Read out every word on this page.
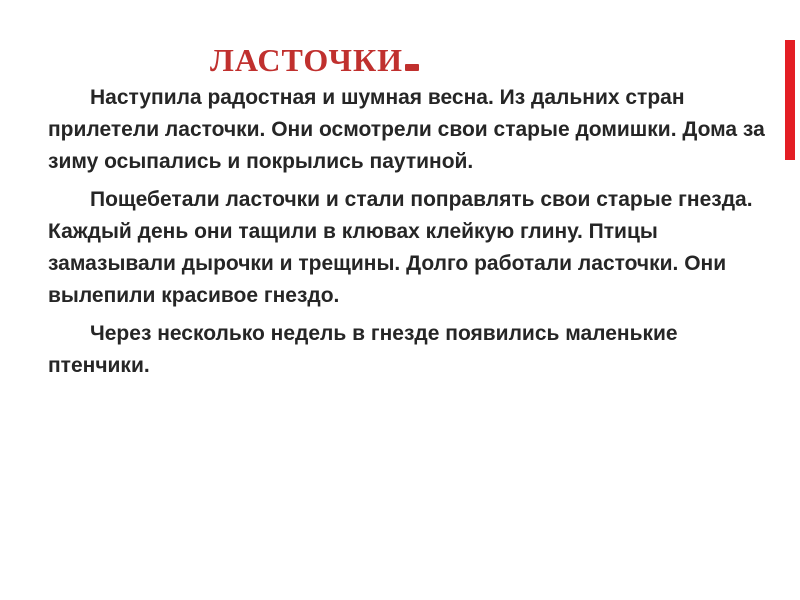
ЛАСТОЧКИ

Наступила радостная и шумная весна. Из дальних стран прилетели ласточки. Они осмотрели свои старые домишки. Дома за зиму осыпались и покрылись паутиной.

Пощебетали ласточки и стали поправлять свои старые гнезда. Каждый день они тащили в клювах клейкую глину. Птицы замазывали дырочки и трещины. Долго работали ласточки. Они вылепили красивое гнездо.

Через несколько недель в гнезде появились маленькие птенчики.
